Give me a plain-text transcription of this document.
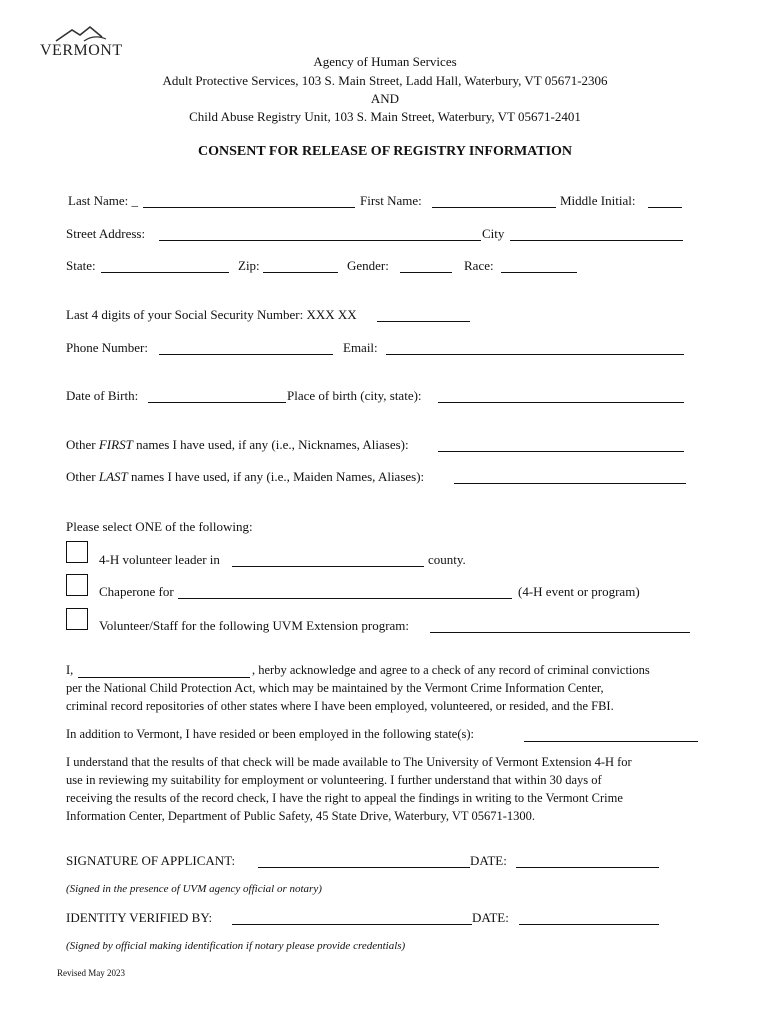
VERMONT
Agency of Human Services
Adult Protective Services, 103 S. Main Street, Ladd Hall, Waterbury, VT 05671-2306
AND
Child Abuse Registry Unit, 103 S. Main Street, Waterbury, VT 05671-2401
CONSENT FOR RELEASE OF REGISTRY INFORMATION
Last Name: _	First Name:	Middle Initial:
Street Address:	City
State:	Zip:	Gender:	Race:
Last 4 digits of your Social Security Number: XXX XX
Phone Number:	Email:
Date of Birth:	Place of birth (city, state):
Other FIRST names I have used, if any (i.e., Nicknames, Aliases):
Other LAST names I have used, if any (i.e., Maiden Names, Aliases):
Please select ONE of the following:
4-H volunteer leader in	county.
Chaperone for	(4-H event or program)
Volunteer/Staff for the following UVM Extension program:
I,	, herby acknowledge and agree to a check of any record of criminal convictions
per the National Child Protection Act, which may be maintained by the Vermont Crime Information Center,
criminal record repositories of other states where I have been employed, volunteered, or resided, and the FBI.
In addition to Vermont, I have resided or been employed in the following state(s):
I understand that the results of that check will be made available to The University of Vermont Extension 4-H for
use in reviewing my suitability for employment or volunteering. I further understand that within 30 days of
receiving the results of the record check, I have the right to appeal the findings in writing to the Vermont Crime
Information Center, Department of Public Safety, 45 State Drive, Waterbury, VT 05671-1300.
SIGNATURE OF APPLICANT:	DATE:
(Signed in the presence of UVM agency official or notary)
IDENTITY VERIFIED BY:	DATE:
(Signed by official making identification if notary please provide credentials)
Revised May 2023
